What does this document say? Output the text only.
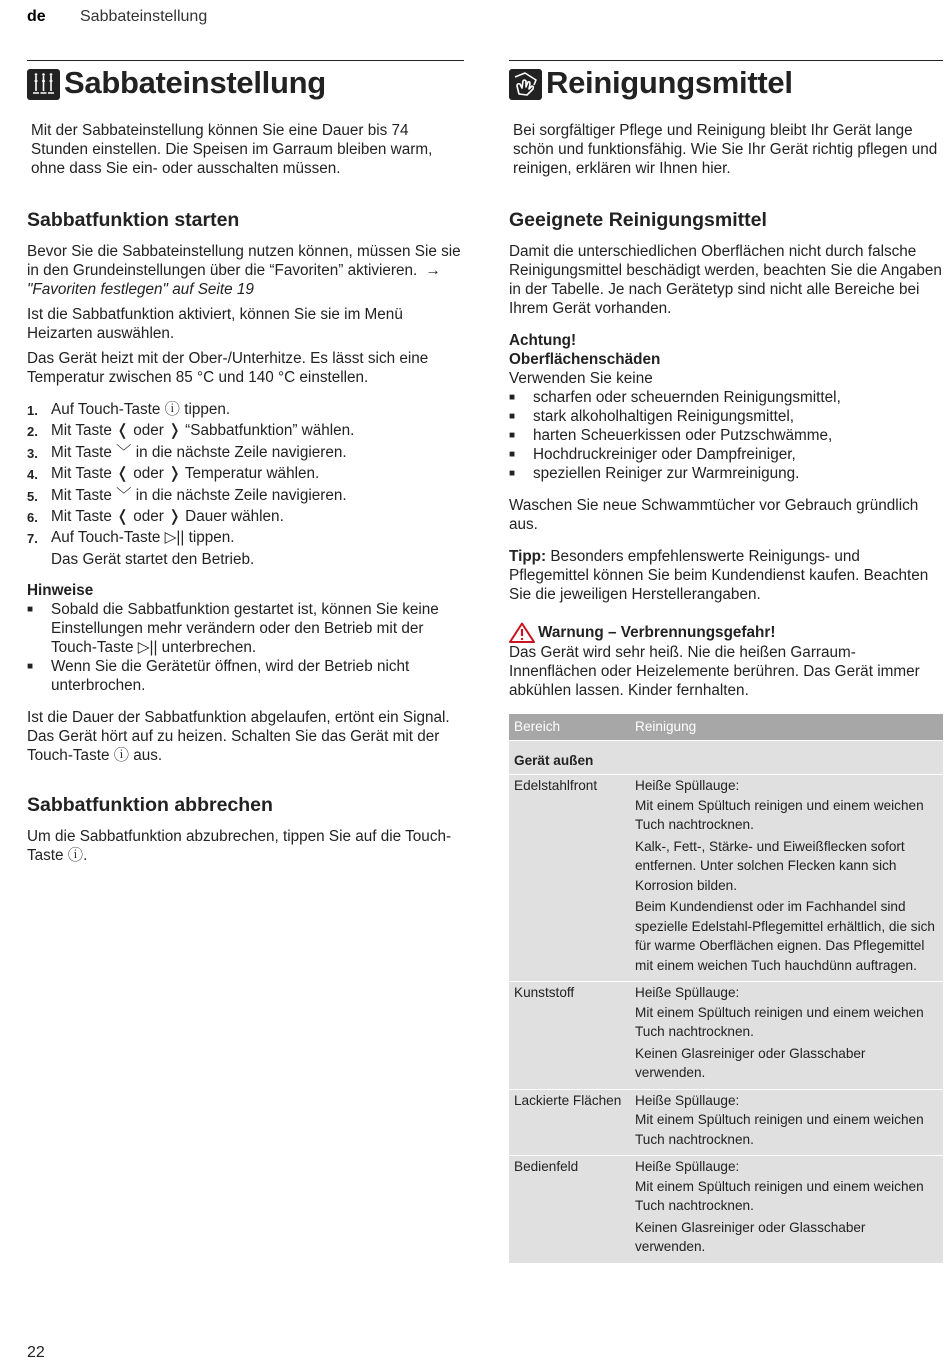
de Sabbateinstellung
Sabbateinstellung

Mit der Sabbateinstellung können Sie eine Dauer bis 74 Stunden einstellen. Die Speisen im Garraum bleiben warm, ohne dass Sie ein- oder ausschalten müssen.

Sabbatfunktion starten

Bevor Sie die Sabbateinstellung nutzen können, müssen Sie sie in den Grundeinstellungen über die “Favoriten” aktivieren. → "Favoriten festlegen" auf Seite 19

Ist die Sabbatfunktion aktiviert, können Sie sie im Menü Heizarten auswählen.

Das Gerät heizt mit der Ober-/Unterhitze. Es lässt sich eine Temperatur zwischen 85 °C und 140 °C einstellen.

1. Auf Touch-Taste ⓘ tippen.
2. Mit Taste ❬ oder ❭ “Sabbatfunktion” wählen.
3. Mit Taste ﹀ in die nächste Zeile navigieren.
4. Mit Taste ❬ oder ❭ Temperatur wählen.
5. Mit Taste ﹀ in die nächste Zeile navigieren.
6. Mit Taste ❬ oder ❭ Dauer wählen.
7. Auf Touch-Taste ▷|| tippen.
Das Gerät startet den Betrieb.
Hinweise
■	Sobald die Sabbatfunktion gestartet ist, können Sie keine Einstellungen mehr verändern oder den Betrieb mit der Touch-Taste ▷|| unterbrechen.
■	Wenn Sie die Gerätetür öffnen, wird der Betrieb nicht unterbrochen.

Ist die Dauer der Sabbatfunktion abgelaufen, ertönt ein Signal. Das Gerät hört auf zu heizen. Schalten Sie das Gerät mit der Touch-Taste ⓘ aus.

Sabbatfunktion abbrechen

Um die Sabbatfunktion abzubrechen, tippen Sie auf die Touch-Taste ⓘ.

Reinigungsmittel

Bei sorgfältiger Pflege und Reinigung bleibt Ihr Gerät lange schön und funktionsfähig. Wie Sie Ihr Gerät richtig pflegen und reinigen, erklären wir Ihnen hier.

Geeignete Reinigungsmittel

Damit die unterschiedlichen Oberflächen nicht durch falsche Reinigungsmittel beschädigt werden, beachten Sie die Angaben in der Tabelle. Je nach Gerätetyp sind nicht alle Bereiche bei Ihrem Gerät vorhanden.

Achtung!

Oberflächenschäden

Verwenden Sie keine

■	scharfen oder scheuernden Reinigungsmittel,
■	stark alkoholhaltigen Reinigungsmittel,
■	harten Scheuerkissen oder Putzschwämme,
■	Hochdruckreiniger oder Dampfreiniger,
■	speziellen Reiniger zur Warmreinigung.

Waschen Sie neue Schwammtücher vor Gebrauch gründlich aus.

Tipp: Besonders empfehlenswerte Reinigungs- und Pflegemittel können Sie beim Kundendienst kaufen. Beachten Sie die jeweiligen Herstellerangaben.

Warnung – Verbrennungsgefahr!

Das Gerät wird sehr heiß. Nie die heißen Garraum-Innenflächen oder Heizelemente berühren. Das Gerät immer abkühlen lassen. Kinder fernhalten.

Bereich	Reinigung
Gerät außen
Edelstahlfront	Heiße Spüllauge:
Mit einem Spültuch reinigen und einem weichen Tuch nachtrocknen.

Kalk-, Fett-, Stärke- und Eiweißflecken sofort entfernen. Unter solchen Flecken kann sich Korrosion bilden.

Beim Kundendienst oder im Fachhandel sind spezielle Edelstahl-Pflegemittel erhältlich, die sich für warme Oberflächen eignen. Das Pflegemittel mit einem weichen Tuch hauchdünn auftragen.

Kunststoff	Heiße Spüllauge:
Mit einem Spültuch reinigen und einem weichen Tuch nachtrocknen.

Keinen Glasreiniger oder Glasschaber verwenden.

Lackierte Flächen	Heiße Spüllauge:
Mit einem Spültuch reinigen und einem weichen Tuch nachtrocknen.

Bedienfeld	Heiße Spüllauge:
Mit einem Spültuch reinigen und einem weichen Tuch nachtrocknen.

Keinen Glasreiniger oder Glasschaber verwenden.

22
